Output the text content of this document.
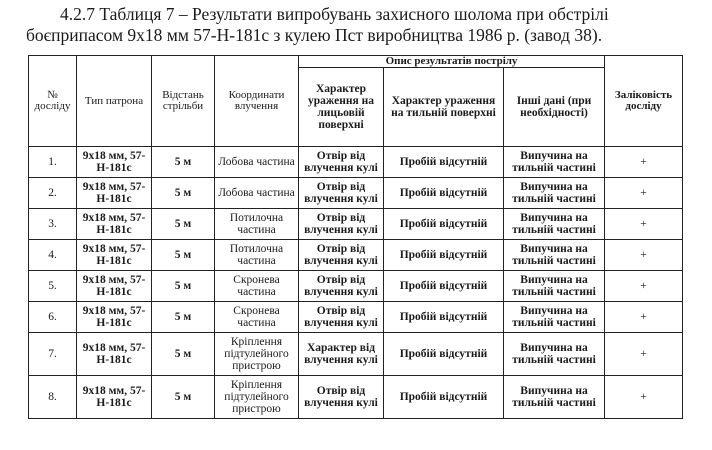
4.2.7 Таблиця 7 – Результати випробувань захисного шолома при обстрілі
боєприпасом 9х18 мм 57-Н-181с з кулею Пст виробництва 1986 р. (завод 38).
№ досліду	Тип патрона	Відстань стрільби	Координати влучення	Опис результатів пострілу			Заліковість досліду
				Характер ураження на лицьовій поверхні	Характер ураження на тильній поверхні	Інші дані (при необхідності)	
1.	9х18 мм, 57-Н-181с	5 м	Лобова частина	Отвір від влучення кулі	Пробій відсутній	Випучина на тильній частині	+
2.	9х18 мм, 57-Н-181с	5 м	Лобова частина	Отвір від влучення кулі	Пробій відсутній	Випучина на тильній частині	+
3.	9х18 мм, 57-Н-181с	5 м	Потилочна частина	Отвір від влучення кулі	Пробій відсутній	Випучина на тильній частині	+
4.	9х18 мм, 57-Н-181с	5 м	Потилочна частина	Отвір від влучення кулі	Пробій відсутній	Випучина на тильній частині	+
5.	9х18 мм, 57-Н-181с	5 м	Скронева частина	Отвір від влучення кулі	Пробій відсутній	Випучина на тильній частині	+
6.	9х18 мм, 57-Н-181с	5 м	Скронева частина	Отвір від влучення кулі	Пробій відсутній	Випучина на тильній частині	+
7.	9х18 мм, 57-Н-181с	5 м	Кріплення підтулейного пристрою	Характер від влучення кулі	Пробій відсутній	Випучина на тильній частині	+
8.	9х18 мм, 57-Н-181с	5 м	Кріплення підтулейного пристрою	Отвір від влучення кулі	Пробій відсутній	Випучина на тильній частині	+
